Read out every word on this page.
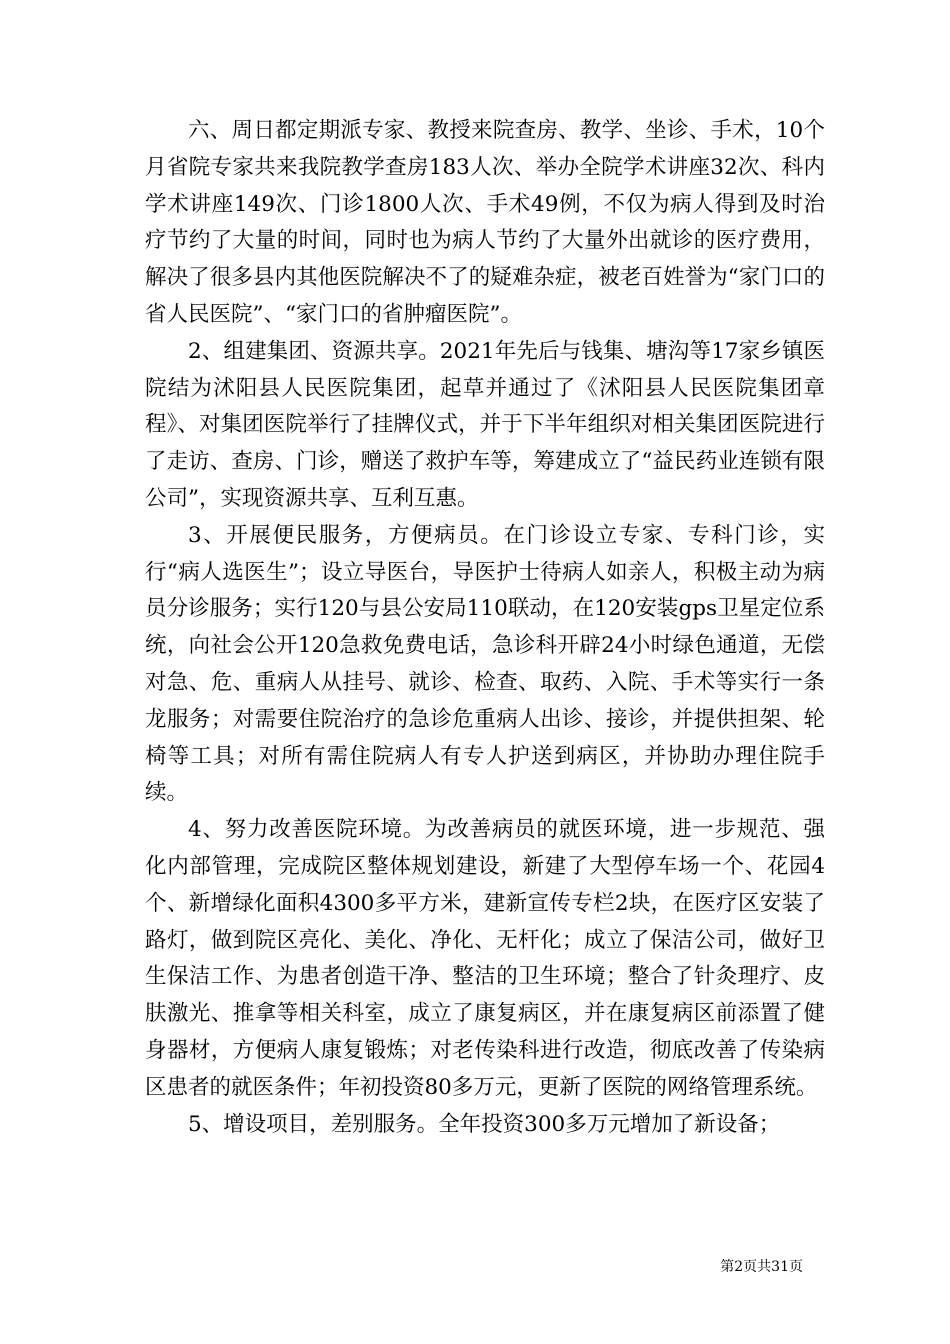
六、周日都定期派专家、教授来院查房、教学、坐诊、手术，10个月省院专家共来我院教学查房183人次、举办全院学术讲座32次、科内学术讲座149次、门诊1800人次、手术49例，不仅为病人得到及时治疗节约了大量的时间，同时也为病人节约了大量外出就诊的医疗费用，解决了很多县内其他医院解决不了的疑难杂症，被老百姓誉为“家门口的省人民医院”、“家门口的省肿瘤医院”。

2、组建集团、资源共享。2021年先后与钱集、塘沟等17家乡镇医院结为沭阳县人民医院集团，起草并通过了《沭阳县人民医院集团章程》、对集团医院举行了挂牌仪式，并于下半年组织对相关集团医院进行了走访、查房、门诊，赠送了救护车等，筹建成立了“益民药业连锁有限公司”，实现资源共享、互利互惠。

3、开展便民服务，方便病员。在门诊设立专家、专科门诊，实行“病人选医生”；设立导医台，导医护士待病人如亲人，积极主动为病员分诊服务；实行120与县公安局110联动，在120安装gps卫星定位系统，向社会公开120急救免费电话，急诊科开辟24小时绿色通道，无偿对急、危、重病人从挂号、就诊、检查、取药、入院、手术等实行一条龙服务；对需要住院治疗的急诊危重病人出诊、接诊，并提供担架、轮椅等工具；对所有需住院病人有专人护送到病区，并协助办理住院手续。

4、努力改善医院环境。为改善病员的就医环境，进一步规范、强化内部管理，完成院区整体规划建设，新建了大型停车场一个、花园4个、新增绿化面积4300多平方米，建新宣传专栏2块，在医疗区安装了路灯，做到院区亮化、美化、净化、无杆化；成立了保洁公司，做好卫生保洁工作、为患者创造干净、整洁的卫生环境；整合了针灸理疗、皮肤激光、推拿等相关科室，成立了康复病区，并在康复病区前添置了健身器材，方便病人康复锻炼；对老传染科进行改造，彻底改善了传染病区患者的就医条件；年初投资80多万元，更新了医院的网络管理系统。

5、增设项目，差别服务。全年投资300多万元增加了新设备；

第2页共31页
